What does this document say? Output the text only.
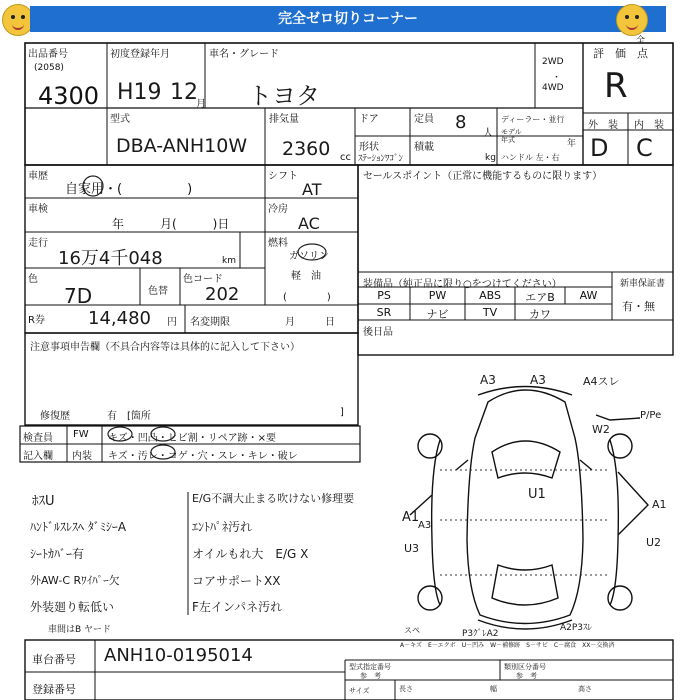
完全ゼロ切りコーナー
全
出品番号
(2058)
4300
初度登録年月
H19 12
月
車名・グレード
トヨタ
2WD
・
4WD
評　価　点
R
型式
DBA-ANH10W
排気量
2360 cc
ドア	定員 8
人
形状
ｽﾃｰｼｮﾝﾜｺﾞﾝ
積載
kg
ディーラー・並行
モデル年式	年
ハンドル 左・右
外　装 内　装
D C
車歴
自家用・(　　　　　)
車検
年　　　月(　　　)日
走行
16万4千048	km
色
7D	色替
色コード
202
R券 14,480 円 名変期限	月　　　日
シフト
AT
冷房
AC
燃料
ガソリン
軽　油
(　　　　)
セールスポイント（正常に機能するものに限ります）
装備品（純正品に限り○をつけてください）	新車保証書
有・無
PS	PW	ABS	エアB	AW
SR	ナビ	TV	カワ
後日品
注意事項申告欄（不具合内容等は具体的に記入して下さい）
修復歴	有　[箇所	]
検査員
記入欄
FW キズ・凹凸・ヒビ割・リペア跡・×要
内装 キズ・汚レ・コゲ・穴・スレ・キレ・破レ
ﾎｽU
ﾊﾝﾄﾞﾙｽﾚｽﾍ ﾀﾞﾐｼｰA
ｼｰﾄｶﾊﾞｰ有
外AW-C Rﾜｲﾊﾟｰ欠
外装廻り転低い
車間はB ヤード
E/G不調大止まる吹けない修理要
ｴﾝﾄﾊﾟﾈ汚れ
オイルもれ大　E/G X
コアサポートXX
F左インパネ汚れ
A3	A3	A4スレ
P/Pe
W2
U1
A1
U2
A1
A3
U3
P3ｸﾞﾚA2
A2P3ｽﾚ
スペ
A－キズ　E－エクボ　U－凹み　W－補修跡　S－サビ　C－腐食　XX－交換済
車台番号 ANH10-0195014
登録番号
型式指定番号
参　考
類別区分番号
参　考
サイズ	長さ	幅	高さ
